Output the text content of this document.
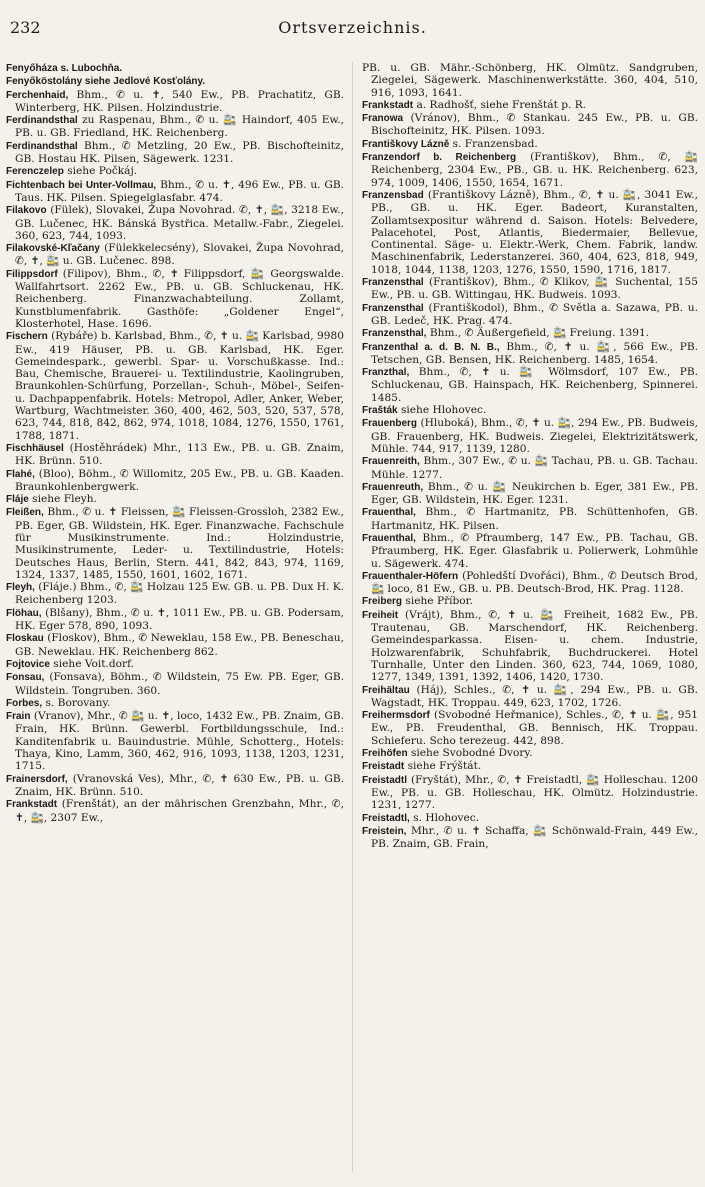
232	Ortsverzeichnis.

Fenyőháza s. Lubochňa.

Fenyőköstolány siehe Jedlové Kosťolány.

Ferchenhaid, Bhm., ✆ u. ✝, 540 Ew., PB. Prachatitz, GB. Winterberg, HK. Pilsen. Holzindustrie.

Ferdinandsthal zu Raspenau, Bhm., ✆ u. 🚉 Haindorf, 405 Ew., PB. u. GB. Friedland, HK. Reichenberg.

Ferdinandsthal Bhm., ✆ Metzling, 20 Ew., PB. Bischofteinitz, GB. Hostau HK. Pilsen, Sägewerk. 1231.

Ferenczelep siehe Počkáj.

Fichtenbach bei Unter-Vollmau, Bhm., ✆ u. ✝, 496 Ew., PB. u. GB. Taus. HK. Pilsen. Spiegelglasfabr. 474.

Filakovo (Fülek), Slovakei, Župa Novohrad. ✆, ✝, 🚉, 3218 Ew., GB. Lučenec, HK. Bánská Bystřica. Metallw.-Fabr., Ziegelei. 360, 623, 744, 1093.

Filakovské-Kľačany (Fülekkelecsény), Slovakei, Župa Novohrad, ✆, ✝, 🚉 u. GB. Lučenec. 898.

Filippsdorf (Filipov), Bhm., ✆, ✝ Filippsdorf, 🚉 Georgswalde. Wallfahrtsort. 2262 Ew., PB. u. GB. Schluckenau, HK. Reichenberg. Finanzwachabteilung. Zollamt, Kunstblumenfabrik. Gasthöfe: „Goldener Engel“, Klosterhotel, Hase. 1696.

Fischern (Rybáře) b. Karlsbad, Bhm., ✆, ✝ u. 🚉 Karlsbad, 9980 Ew., 419 Häuser, PB. u. GB. Karlsbad, HK. Eger. Gemeindespark., gewerbl. Spar- u. Vorschußkasse. Ind.: Bau, Chemische, Brauerei- u. Textilindustrie, Kaolingruben, Braunkohlen-Schürfung, Porzellan-, Schuh-, Möbel-, Seifen- u. Dachpappenfabrik. Hotels: Metropol, Adler, Anker, Weber, Wartburg, Wachtmeister. 360, 400, 462, 503, 520, 537, 578, 623, 744, 818, 842, 862, 974, 1018, 1084, 1276, 1550, 1761, 1788, 1871.

Fischhäusel (Hostěhrádek) Mhr., 113 Ew., PB. u. GB. Znaim, HK. Brünn. 510.

Flahé, (Bloo), Böhm., ✆ Willomitz, 205 Ew., PB. u. GB. Kaaden. Braunkohlenbergwerk.

Fláje siehe Fleyh.

Fleißen, Bhm., ✆ u. ✝ Fleissen, 🚉 Fleissen-Grossloh, 2382 Ew., PB. Eger, GB. Wildstein, HK. Eger. Finanzwache. Fachschule für Musikinstrumente. Ind.: Holzindustrie, Musikinstrumente, Leder- u. Textilindustrie, Hotels: Deutsches Haus, Berlin, Stern. 441, 842, 843, 974, 1169, 1324, 1337, 1485, 1550, 1601, 1602, 1671.

Fleyh, (Fláje.) Bhm., ✆, 🚉 Holzau 125 Ew. GB. u. PB. Dux H. K. Reichenberg 1203.

Flöhau, (Blšany), Bhm., ✆ u. ✝, 1011 Ew., PB. u. GB. Podersam, HK. Eger 578, 890, 1093.

Floskau (Floskov), Bhm., ✆ Neweklau, 158 Ew., PB. Beneschau, GB. Neweklau. HK. Reichenberg 862.

Fojtovice siehe Voit.dorf.

Fonsau, (Fonsava), Böhm., ✆ Wildstein, 75 Ew. PB. Eger, GB. Wildstein. Tongruben. 360.

Forbes, s. Borovany.

Frain (Vranov), Mhr., ✆ 🚉 u. ✝, loco, 1432 Ew., PB. Znaim, GB. Frain, HK. Brünn. Gewerbl. Fortbildungsschule, Ind.: Kanditenfabrik u. Bauindustrie. Mühle, Schotterg., Hotels: Thaya, Kino, Lamm, 360, 462, 916, 1093, 1138, 1203, 1231, 1715.

Frainersdorf, (Vranovská Ves), Mhr., ✆, ✝ 630 Ew., PB. u. GB. Znaim, HK. Brünn. 510.

Frankstadt (Frenštát), an der mährischen Grenzbahn, Mhr., ✆, ✝, 🚉, 2307 Ew.,

PB. u. GB. Mähr.-Schönberg, HK. Olmütz. Sandgruben, Ziegelei, Sägewerk. Maschinenwerkstätte. 360, 404, 510, 916, 1093, 1641.

Frankstadt a. Radhošť, siehe Frenštát p. R.

Franowa (Vránov), Bhm., ✆ Stankau. 245 Ew., PB. u. GB. Bischofteinitz, HK. Pilsen. 1093.

Františkovy Lázně s. Franzensbad.

Franzendorf b. Reichenberg (Františkov), Bhm., ✆, 🚉 Reichenberg, 2304 Ew., PB., GB. u. HK. Reichenberg. 623, 974, 1009, 1406, 1550, 1654, 1671.

Franzensbad (Františkovy Lázně), Bhm., ✆, ✝ u. 🚉, 3041 Ew., PB., GB. u. HK. Eger. Badeort, Kuranstalten, Zollamtsexpositur während d. Saison. Hotels: Belvedere, Palacehotel, Post, Atlantis, Biedermaier, Bellevue, Continental. Säge- u. Elektr.-Werk, Chem. Fabrik, landw. Maschinenfabrik, Lederstanzerei. 360, 404, 623, 818, 949, 1018, 1044, 1138, 1203, 1276, 1550, 1590, 1716, 1817.

Franzensthal (Františkov), Bhm., ✆ Klikov, 🚉 Suchental, 155 Ew., PB. u. GB. Wittingau, HK. Budweis. 1093.

Franzensthal (Františkodol), Bhm., ✆ Světla a. Sazawa, PB. u. GB. Ledeč, HK. Prag. 474.

Franzensthal, Bhm., ✆ Äußergefield, 🚉 Freiung. 1391.

Franzenthal a. d. B. N. B., Bhm., ✆, ✝ u. 🚉, 566 Ew., PB. Tetschen, GB. Bensen, HK. Reichenberg. 1485, 1654.

Franzthal, Bhm., ✆, ✝ u. 🚉 Wölmsdorf, 107 Ew., PB. Schluckenau, GB. Hainspach, HK. Reichenberg, Spinnerei. 1485.

Frašták siehe Hlohovec.

Frauenberg (Hluboká), Bhm., ✆, ✝ u. 🚉, 294 Ew., PB. Budweis, GB. Frauenberg, HK. Budweis. Ziegelei, Elektrizitätswerk, Mühle. 744, 917, 1139, 1280.

Frauenreith, Bhm., 307 Ew., ✆ u. 🚉 Tachau, PB. u. GB. Tachau. Mühle. 1277.

Frauenreuth, Bhm., ✆ u. 🚉 Neukirchen b. Eger, 381 Ew., PB. Eger, GB. Wildstein, HK. Eger. 1231.

Frauenthal, Bhm., ✆ Hartmanitz, PB. Schüttenhofen, GB. Hartmanitz, HK. Pilsen.

Frauenthal, Bhm., ✆ Pfraumberg, 147 Ew., PB. Tachau, GB. Pfraumberg, HK. Eger. Glasfabrik u. Polierwerk, Lohmühle u. Sägewerk. 474.

Frauenthaler-Höfern (Pohledští Dvořáci), Bhm., ✆ Deutsch Brod, 🚉 loco, 81 Ew., GB. u. PB. Deutsch-Brod, HK. Prag. 1128.

Freiberg siehe Příbor.

Freiheit (Vrájt), Bhm., ✆, ✝ u. 🚉 Freiheit, 1682 Ew., PB. Trautenau, GB. Marschendorf, HK. Reichenberg. Gemeindesparkassa. Eisen- u. chem. Industrie, Holzwarenfabrik, Schuhfabrik, Buchdruckerei. Hotel Turnhalle, Unter den Linden. 360, 623, 744, 1069, 1080, 1277, 1349, 1391, 1392, 1406, 1420, 1730.

Freihältau (Háj), Schles., ✆, ✝ u. 🚉, 294 Ew., PB. u. GB. Wagstadt, HK. Troppau. 449, 623, 1702, 1726.

Freihermsdorf (Svobodné Heřmanice), Schles., ✆, ✝ u. 🚉, 951 Ew., PB. Freudenthal, GB. Bennisch, HK. Troppau. Schieferu. Scho terezeug. 442, 898.

Freihöfen siehe Svobodné Dvory.

Freistadt siehe Frýštát.

Freistadtl (Fryštát), Mhr., ✆, ✝ Freistadtl, 🚉 Holleschau. 1200 Ew., PB. u. GB. Holleschau, HK. Olmütz. Holzindustrie. 1231, 1277.

Freistadtl, s. Hlohovec.

Freistein, Mhr., ✆ u. ✝ Schaffa, 🚉 Schönwald-Frain, 449 Ew., PB. Znaim, GB. Frain,
